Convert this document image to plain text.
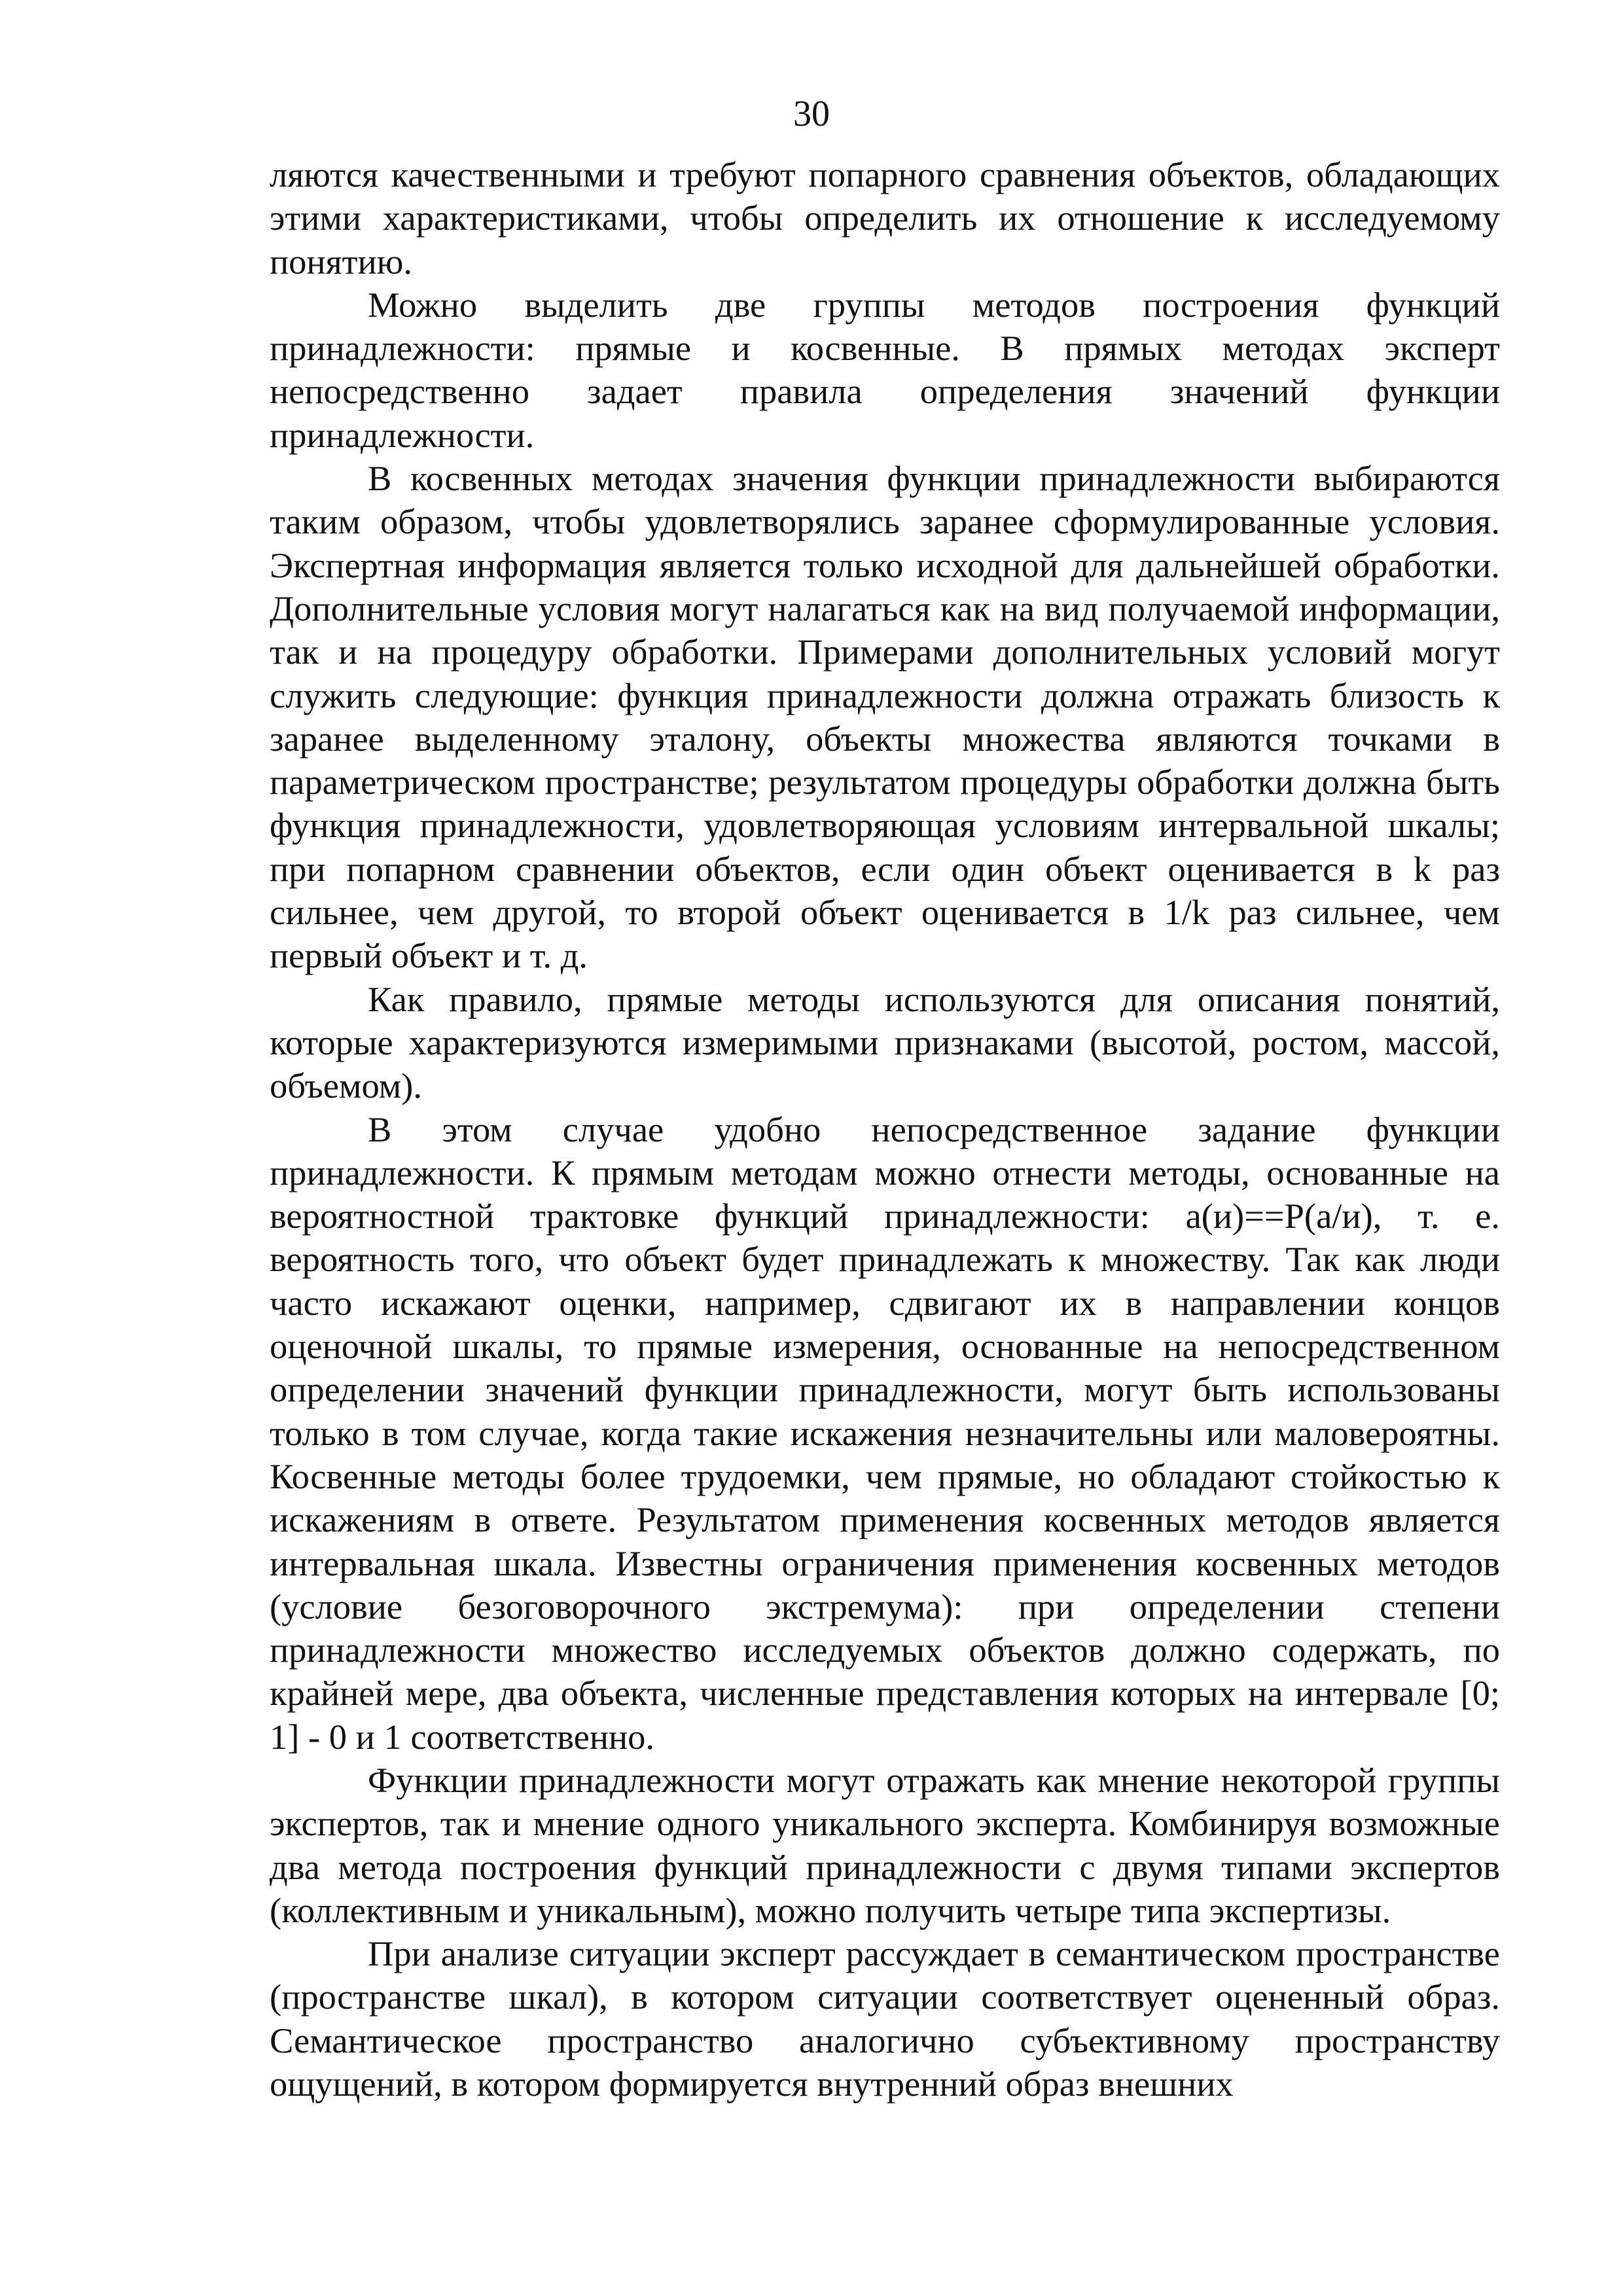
30

ляются качественными и требуют попарного сравнения объектов, обладающих этими характеристиками, чтобы определить их отношение к исследуемому понятию.

Можно выделить две группы методов построения функций принадлежности: прямые и косвенные. В прямых методах эксперт непосредственно задает правила определения значений функции принадлежности.

В косвенных методах значения функции принадлежности выбираются таким образом, чтобы удовлетворялись заранее сформулированные условия. Экспертная информация является только исходной для дальнейшей обработки. Дополнительные условия могут налагаться как на вид получаемой информации, так и на процедуру обработки. Примерами дополнительных условий могут служить следующие: функция принадлежности должна отражать близость к заранее выделенному эталону, объекты множества являются точками в параметрическом пространстве; результатом процедуры обработки должна быть функция принадлежности, удовлетворяющая условиям интервальной шкалы; при попарном сравнении объектов, если один объект оценивается в k раз сильнее, чем другой, то второй объект оценивается в 1/k раз сильнее, чем первый объект и т. д.

Как правило, прямые методы используются для описания понятий, которые характеризуются измеримыми признаками (высотой, ростом, массой, объемом).

В этом случае удобно непосредственное задание функции принадлежности. К прямым методам можно отнести методы, основанные на вероятностной трактовке функций принадлежности: a(и)==P(a/и), т. е. вероятность того, что объект будет принадлежать к множеству. Так как люди часто искажают оценки, например, сдвигают их в направлении концов оценочной шкалы, то прямые измерения, основанные на непосредственном определении значений функции принадлежности, могут быть использованы только в том случае, когда такие искажения незначительны или маловероятны. Косвенные методы более трудоемки, чем прямые, но обладают стойкостью к искажениям в ответе. Результатом применения косвенных методов является интервальная шкала. Известны ограничения применения косвенных методов (условие безоговорочного экстремума): при определении степени принадлежности множество исследуемых объектов должно содержать, по крайней мере, два объекта, численные представления которых на интервале [0; 1] - 0 и 1 соответственно.

Функции принадлежности могут отражать как мнение некоторой группы экспертов, так и мнение одного уникального эксперта. Комбинируя возможные два метода построения функций принадлежности с двумя типами экспертов (коллективным и уникальным), можно получить четыре типа экспертизы.

При анализе ситуации эксперт рассуждает в семантическом пространстве (пространстве шкал), в котором ситуации соответствует оцененный образ. Семантическое пространство аналогично субъективному пространству ощущений, в котором формируется внутренний образ внешних
